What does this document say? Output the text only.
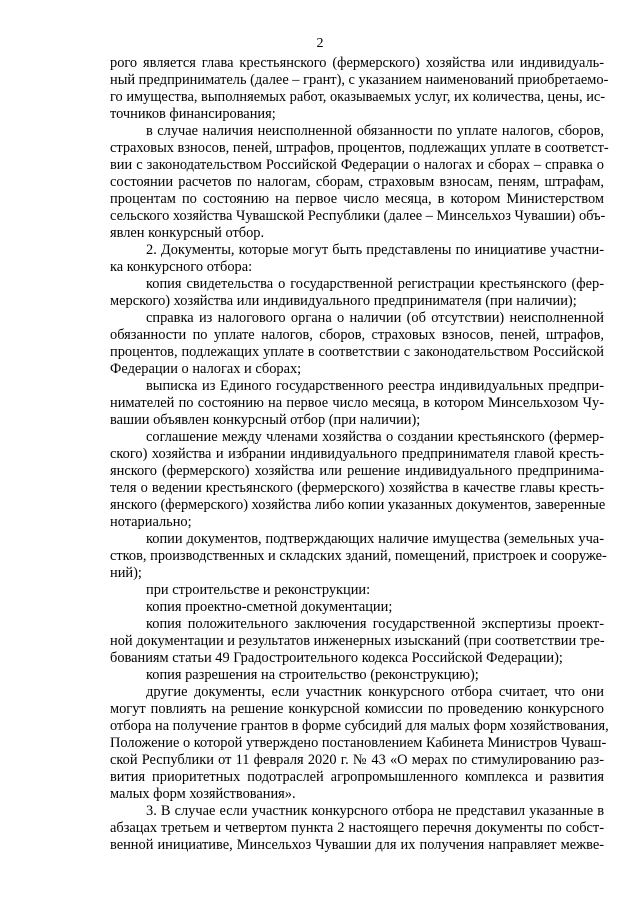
2
рого является глава крестьянского (фермерского) хозяйства или индивидуаль-
ный предприниматель (далее – грант), с указанием наименований приобретаемо-
го имущества, выполняемых работ, оказываемых услуг, их количества, цены, ис-
точников финансирования;
в случае наличия неисполненной обязанности по уплате налогов, сборов,
страховых взносов, пеней, штрафов, процентов, подлежащих уплате в соответст-
вии с законодательством Российской Федерации о налогах и сборах – справка о
состоянии расчетов по налогам, сборам, страховым взносам, пеням, штрафам,
процентам по состоянию на первое число месяца, в котором Министерством
сельского хозяйства Чувашской Республики (далее – Минсельхоз Чувашии) объ-
явлен конкурсный отбор.
2. Документы, которые могут быть представлены по инициативе участни-
ка конкурсного отбора:
копия свидетельства о государственной регистрации крестьянского (фер-
мерского) хозяйства или индивидуального предпринимателя (при наличии);
справка из налогового органа о наличии (об отсутствии) неисполненной
обязанности по уплате налогов, сборов, страховых взносов, пеней, штрафов,
процентов, подлежащих уплате в соответствии с законодательством Российской
Федерации о налогах и сборах;
выписка из Единого государственного реестра индивидуальных предпри-
нимателей по состоянию на первое число месяца, в котором Минсельхозом Чу-
вашии объявлен конкурсный отбор (при наличии);
соглашение между членами хозяйства о создании крестьянского (фермер-
ского) хозяйства и избрании индивидуального предпринимателя главой кресть-
янского (фермерского) хозяйства или решение индивидуального предпринима-
теля о ведении крестьянского (фермерского) хозяйства в качестве главы кресть-
янского (фермерского) хозяйства либо копии указанных документов, заверенные
нотариально;
копии документов, подтверждающих наличие имущества (земельных уча-
стков, производственных и складских зданий, помещений, пристроек и сооруже-
ний);
при строительстве и реконструкции:
копия проектно-сметной документации;
копия положительного заключения государственной экспертизы проект-
ной документации и результатов инженерных изысканий (при соответствии тре-
бованиям статьи 49 Градостроительного кодекса Российской Федерации);
копия разрешения на строительство (реконструкцию);
другие документы, если участник конкурсного отбора считает, что они
могут повлиять на решение конкурсной комиссии по проведению конкурсного
отбора на получение грантов в форме субсидий для малых форм хозяйствования,
Положение о которой утверждено постановлением Кабинета Министров Чуваш-
ской Республики от 11 февраля 2020 г. № 43 «О мерах по стимулированию раз-
вития приоритетных подотраслей агропромышленного комплекса и развития
малых форм хозяйствования».
3. В случае если участник конкурсного отбора не представил указанные в
абзацах третьем и четвертом пункта 2 настоящего перечня документы по собст-
венной инициативе, Минсельхоз Чувашии для их получения направляет межве-
